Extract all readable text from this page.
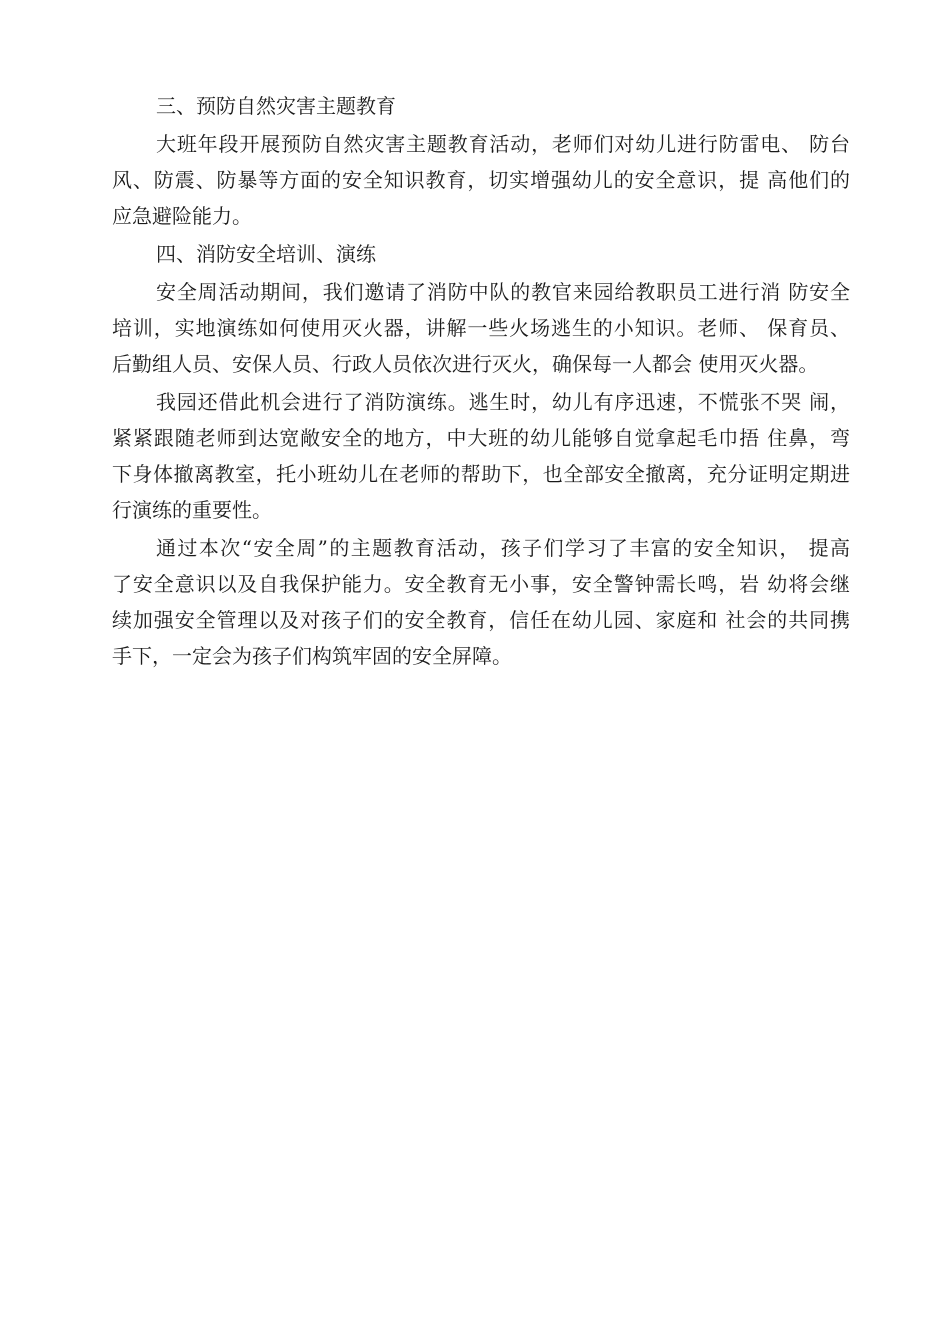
三、预防自然灾害主题教育
大班年段开展预防自然灾害主题教育活动，老师们对幼儿进行防雷电、 防台
风、防震、防暴等方面的安全知识教育，切实增强幼儿的安全意识，提 高他们的
应急避险能力。
四、消防安全培训、演练
安全周活动期间，我们邀请了消防中队的教官来园给教职员工进行消 防安全
培训，实地演练如何使用灭火器，讲解一些火场逃生的小知识。老师、 保育员、
后勤组人员、安保人员、行政人员依次进行灭火，确保每一人都会 使用灭火器。
我园还借此机会进行了消防演练。逃生时，幼儿有序迅速，不慌张不哭 闹，
紧紧跟随老师到达宽敞安全的地方，中大班的幼儿能够自觉拿起毛巾捂 住鼻，弯
下身体撤离教室，托小班幼儿在老师的帮助下，也全部安全撤离，充分证明定期进
行演练的重要性。
通过本次“安全周”的主题教育活动，孩子们学习了丰富的安全知识， 提高
了安全意识以及自我保护能力。安全教育无小事，安全警钟需长鸣，岩 幼将会继
续加强安全管理以及对孩子们的安全教育，信任在幼儿园、家庭和 社会的共同携
手下，一定会为孩子们构筑牢固的安全屏障。
